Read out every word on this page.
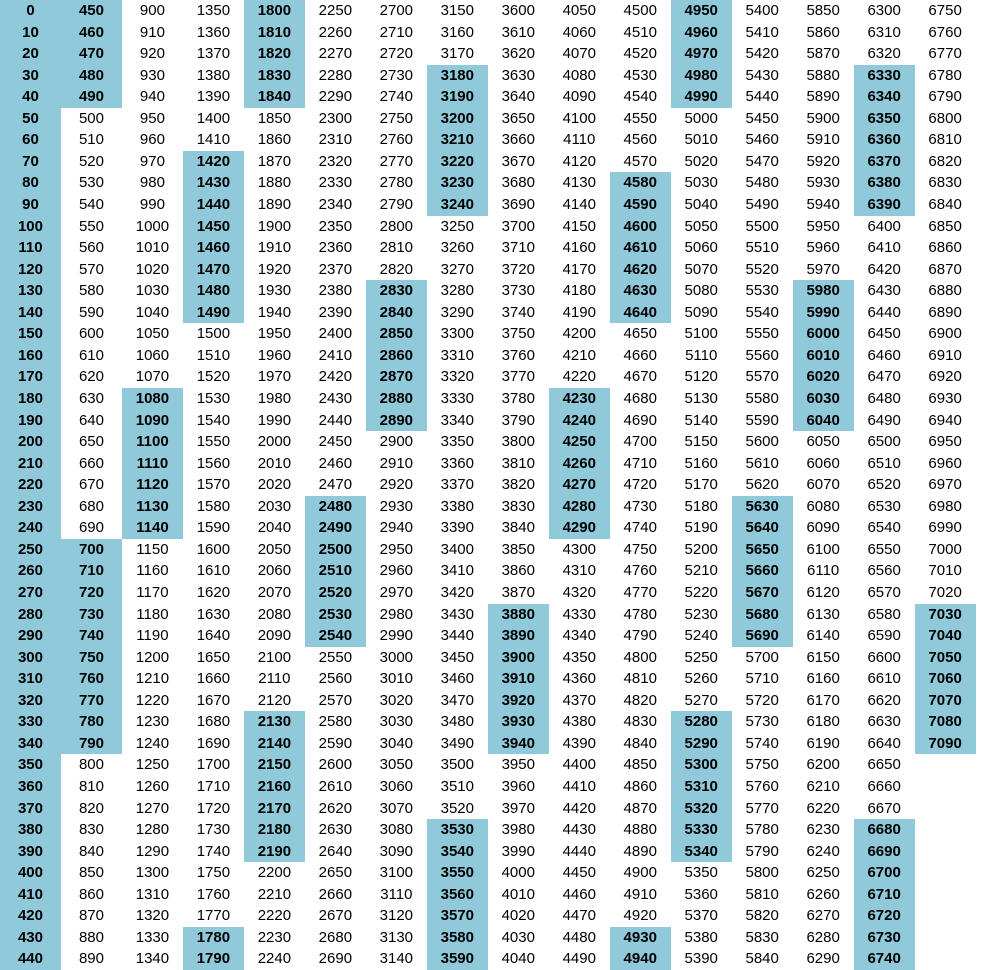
0
10
20
30
40
50
60
70
80
90
100
110
120
130
140
150
160
170
180
190
200
210
220
230
240
250
260
270
280
290
300
310
320
330
340
350
360
370
380
390
400
410
420
430
440
450
460
470
480
490
500
510
520
530
540
550
560
570
580
590
600
610
620
630
640
650
660
670
680
690
700
710
720
730
740
750
760
770
780
790
800
810
820
830
840
850
860
870
880
890
900
910
920
930
940
950
960
970
980
990
1000
1010
1020
1030
1040
1050
1060
1070
1080
1090
1100
1110
1120
1130
1140
1150
1160
1170
1180
1190
1200
1210
1220
1230
1240
1250
1260
1270
1280
1290
1300
1310
1320
1330
1340
1350
1360
1370
1380
1390
1400
1410
1420
1430
1440
1450
1460
1470
1480
1490
1500
1510
1520
1530
1540
1550
1560
1570
1580
1590
1600
1610
1620
1630
1640
1650
1660
1670
1680
1690
1700
1710
1720
1730
1740
1750
1760
1770
1780
1790
1800
1810
1820
1830
1840
1850
1860
1870
1880
1890
1900
1910
1920
1930
1940
1950
1960
1970
1980
1990
2000
2010
2020
2030
2040
2050
2060
2070
2080
2090
2100
2110
2120
2130
2140
2150
2160
2170
2180
2190
2200
2210
2220
2230
2240
2250
2260
2270
2280
2290
2300
2310
2320
2330
2340
2350
2360
2370
2380
2390
2400
2410
2420
2430
2440
2450
2460
2470
2480
2490
2500
2510
2520
2530
2540
2550
2560
2570
2580
2590
2600
2610
2620
2630
2640
2650
2660
2670
2680
2690
2700
2710
2720
2730
2740
2750
2760
2770
2780
2790
2800
2810
2820
2830
2840
2850
2860
2870
2880
2890
2900
2910
2920
2930
2940
2950
2960
2970
2980
2990
3000
3010
3020
3030
3040
3050
3060
3070
3080
3090
3100
3110
3120
3130
3140
3150
3160
3170
3180
3190
3200
3210
3220
3230
3240
3250
3260
3270
3280
3290
3300
3310
3320
3330
3340
3350
3360
3370
3380
3390
3400
3410
3420
3430
3440
3450
3460
3470
3480
3490
3500
3510
3520
3530
3540
3550
3560
3570
3580
3590
3600
3610
3620
3630
3640
3650
3660
3670
3680
3690
3700
3710
3720
3730
3740
3750
3760
3770
3780
3790
3800
3810
3820
3830
3840
3850
3860
3870
3880
3890
3900
3910
3920
3930
3940
3950
3960
3970
3980
3990
4000
4010
4020
4030
4040
4050
4060
4070
4080
4090
4100
4110
4120
4130
4140
4150
4160
4170
4180
4190
4200
4210
4220
4230
4240
4250
4260
4270
4280
4290
4300
4310
4320
4330
4340
4350
4360
4370
4380
4390
4400
4410
4420
4430
4440
4450
4460
4470
4480
4490
4500
4510
4520
4530
4540
4550
4560
4570
4580
4590
4600
4610
4620
4630
4640
4650
4660
4670
4680
4690
4700
4710
4720
4730
4740
4750
4760
4770
4780
4790
4800
4810
4820
4830
4840
4850
4860
4870
4880
4890
4900
4910
4920
4930
4940
4950
4960
4970
4980
4990
5000
5010
5020
5030
5040
5050
5060
5070
5080
5090
5100
5110
5120
5130
5140
5150
5160
5170
5180
5190
5200
5210
5220
5230
5240
5250
5260
5270
5280
5290
5300
5310
5320
5330
5340
5350
5360
5370
5380
5390
5400
5410
5420
5430
5440
5450
5460
5470
5480
5490
5500
5510
5520
5530
5540
5550
5560
5570
5580
5590
5600
5610
5620
5630
5640
5650
5660
5670
5680
5690
5700
5710
5720
5730
5740
5750
5760
5770
5780
5790
5800
5810
5820
5830
5840
5850
5860
5870
5880
5890
5900
5910
5920
5930
5940
5950
5960
5970
5980
5990
6000
6010
6020
6030
6040
6050
6060
6070
6080
6090
6100
6110
6120
6130
6140
6150
6160
6170
6180
6190
6200
6210
6220
6230
6240
6250
6260
6270
6280
6290
6300
6310
6320
6330
6340
6350
6360
6370
6380
6390
6400
6410
6420
6430
6440
6450
6460
6470
6480
6490
6500
6510
6520
6530
6540
6550
6560
6570
6580
6590
6600
6610
6620
6630
6640
6650
6660
6670
6680
6690
6700
6710
6720
6730
6740
6750
6760
6770
6780
6790
6800
6810
6820
6830
6840
6850
6860
6870
6880
6890
6900
6910
6920
6930
6940
6950
6960
6970
6980
6990
7000
7010
7020
7030
7040
7050
7060
7070
7080
7090
